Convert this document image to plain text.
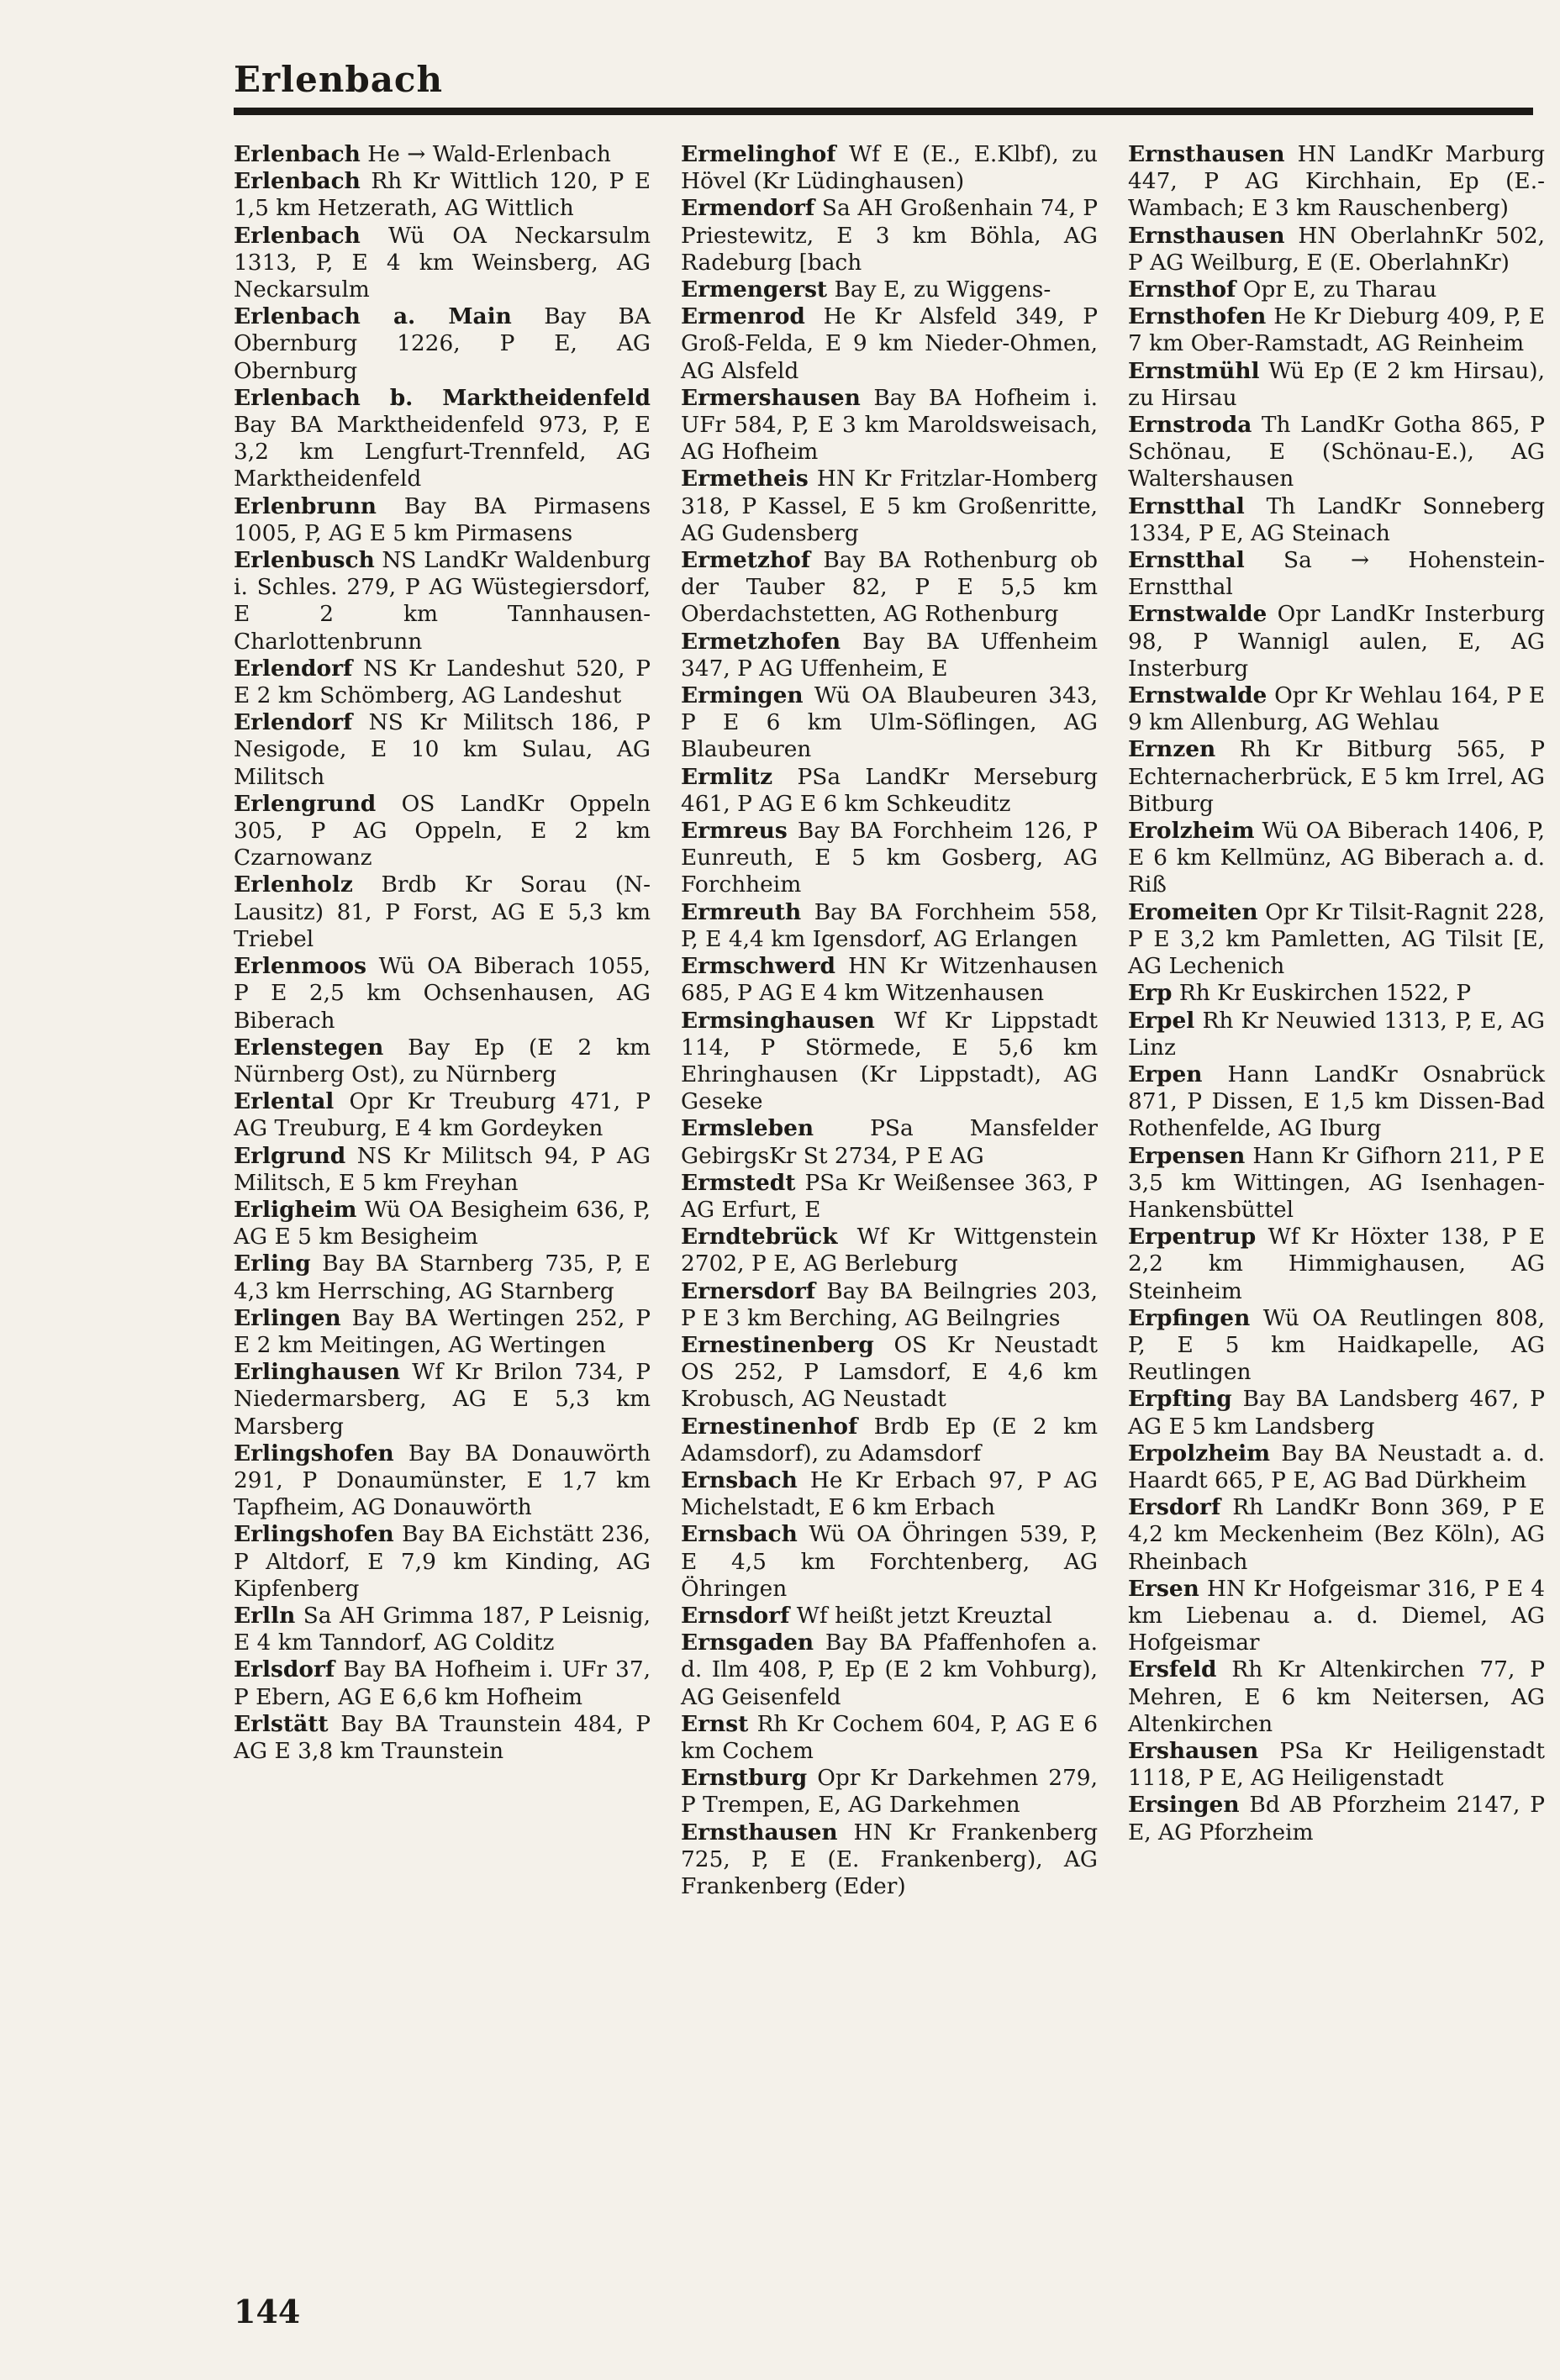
Erlenbach

Erlenbach He → Wald-Erlenbach

Erlenbach Rh Kr Wittlich 120, P E 1,5 km Hetzerath, AG Wittlich

Erlenbach Wü OA Neckarsulm 1313, P, E 4 km Weinsberg, AG Neckarsulm

Erlenbach a. Main Bay BA Obernburg 1226, P E, AG Obernburg

Erlenbach b. Marktheidenfeld Bay BA Marktheidenfeld 973, P, E 3,2 km Lengfurt-Trennfeld, AG Marktheidenfeld

Erlenbrunn Bay BA Pirmasens 1005, P, AG E 5 km Pirmasens

Erlenbusch NS LandKr Waldenburg i. Schles. 279, P AG Wüstegiersdorf, E 2 km Tannhausen-Charlottenbrunn

Erlendorf NS Kr Landeshut 520, P E 2 km Schömberg, AG Landeshut

Erlendorf NS Kr Militsch 186, P Nesigode, E 10 km Sulau, AG Militsch

Erlengrund OS LandKr Oppeln 305, P AG Oppeln, E 2 km Czarnowanz

Erlenholz Brdb Kr Sorau (N-Lausitz) 81, P Forst, AG E 5,3 km Triebel

Erlenmoos Wü OA Biberach 1055, P E 2,5 km Ochsenhausen, AG Biberach

Erlenstegen Bay Ep (E 2 km Nürnberg Ost), zu Nürnberg

Erlental Opr Kr Treuburg 471, P AG Treuburg, E 4 km Gordeyken

Erlgrund NS Kr Militsch 94, P AG Militsch, E 5 km Freyhan

Erligheim Wü OA Besigheim 636, P, AG E 5 km Besigheim

Erling Bay BA Starnberg 735, P, E 4,3 km Herrsching, AG Starnberg

Erlingen Bay BA Wertingen 252, P E 2 km Meitingen, AG Wertingen

Erlinghausen Wf Kr Brilon 734, P Niedermarsberg, AG E 5,3 km Marsberg

Erlingshofen Bay BA Donauwörth 291, P Donaumünster, E 1,7 km Tapfheim, AG Donauwörth

Erlingshofen Bay BA Eichstätt 236, P Altdorf, E 7,9 km Kinding, AG Kipfenberg

Erlln Sa AH Grimma 187, P Leisnig, E 4 km Tanndorf, AG Colditz

Erlsdorf Bay BA Hofheim i. UFr 37, P Ebern, AG E 6,6 km Hofheim

Erlstätt Bay BA Traunstein 484, P AG E 3,8 km Traunstein

Ermelinghof Wf E (E., E.Klbf), zu Hövel (Kr Lüdinghausen)

Ermendorf Sa AH Großenhain 74, P Priestewitz, E 3 km Böhla, AG Radeburg [bach

Ermengerst Bay E, zu Wiggens-

Ermenrod He Kr Alsfeld 349, P Groß-Felda, E 9 km Nieder-Ohmen, AG Alsfeld

Ermershausen Bay BA Hofheim i. UFr 584, P, E 3 km Maroldsweisach, AG Hofheim

Ermetheis HN Kr Fritzlar-Homberg 318, P Kassel, E 5 km Großenritte, AG Gudensberg

Ermetzhof Bay BA Rothenburg ob der Tauber 82, P E 5,5 km Oberdachstetten, AG Rothenburg

Ermetzhofen Bay BA Uffenheim 347, P AG Uffenheim, E

Ermingen Wü OA Blaubeuren 343, P E 6 km Ulm-Söflingen, AG Blaubeuren

Ermlitz PSa LandKr Merseburg 461, P AG E 6 km Schkeuditz

Ermreus Bay BA Forchheim 126, P Eunreuth, E 5 km Gosberg, AG Forchheim

Ermreuth Bay BA Forchheim 558, P, E 4,4 km Igensdorf, AG Erlangen

Ermschwerd HN Kr Witzenhausen 685, P AG E 4 km Witzenhausen

Ermsinghausen Wf Kr Lippstadt 114, P Störmede, E 5,6 km Ehringhausen (Kr Lippstadt), AG Geseke

Ermsleben	PSa Mansfelder GebirgsKr St 2734, P E AG

Ermstedt PSa Kr Weißensee 363, P AG Erfurt, E

Erndtebrück Wf Kr Wittgenstein 2702, P E, AG Berleburg

Ernersdorf Bay BA Beilngries 203, P E 3 km Berching, AG Beilngries

Ernestinenberg OS Kr Neustadt OS 252, P Lamsdorf, E 4,6 km Krobusch, AG Neustadt

Ernestinenhof Brdb Ep (E 2 km Adamsdorf), zu Adamsdorf

Ernsbach He Kr Erbach 97, P AG Michelstadt, E 6 km Erbach

Ernsbach Wü OA Öhringen 539, P, E 4,5 km Forchtenberg, AG Öhringen

Ernsdorf Wf heißt jetzt Kreuztal

Ernsgaden Bay BA Pfaffenhofen a. d. Ilm 408, P, Ep (E 2 km Vohburg), AG Geisenfeld

Ernst Rh Kr Cochem 604, P, AG E 6 km Cochem

Ernstburg Opr Kr Darkehmen 279, P Trempen, E, AG Darkehmen

Ernsthausen HN Kr Frankenberg 725, P, E (E. Frankenberg), AG Frankenberg (Eder)

Ernsthausen HN LandKr Marburg 447, P AG Kirchhain, Ep (E.-Wambach; E 3 km Rauschenberg)

Ernsthausen HN OberlahnKr 502, P AG Weilburg, E (E. OberlahnKr)

Ernsthof Opr E, zu Tharau

Ernsthofen He Kr Dieburg 409, P, E 7 km Ober-Ramstadt, AG Reinheim

Ernstmühl Wü Ep (E 2 km Hirsau), zu Hirsau

Ernstroda Th LandKr Gotha 865, P Schönau, E (Schönau-E.), AG Waltershausen

Ernstthal Th LandKr Sonneberg 1334, P E, AG Steinach

Ernstthal Sa → Hohenstein-Ernstthal

Ernstwalde Opr LandKr Insterburg 98, P Wannigl aulen, E, AG Insterburg

Ernstwalde Opr Kr Wehlau 164, P E 9 km Allenburg, AG Wehlau

Ernzen Rh Kr Bitburg 565, P Echternacherbrück, E 5 km Irrel, AG Bitburg

Erolzheim Wü OA Biberach 1406, P, E 6 km Kellmünz, AG Biberach a. d. Riß

Eromeiten Opr Kr Tilsit-Ragnit 228, P E 3,2 km Pamletten, AG Tilsit [E, AG Lechenich

Erp Rh Kr Euskirchen 1522, P

Erpel Rh Kr Neuwied 1313, P, E, AG Linz

Erpen Hann LandKr Osnabrück 871, P Dissen, E 1,5 km Dissen-Bad Rothenfelde, AG Iburg

Erpensen Hann Kr Gifhorn 211, P E 3,5 km Wittingen, AG Isenhagen-Hankensbüttel

Erpentrup Wf Kr Höxter 138, P E 2,2 km Himmighausen, AG Steinheim

Erpfingen Wü OA Reutlingen 808, P, E 5 km Haidkapelle, AG Reutlingen

Erpfting Bay BA Landsberg 467, P AG E 5 km Landsberg

Erpolzheim Bay BA Neustadt a. d. Haardt 665, P E, AG Bad Dürkheim

Ersdorf Rh LandKr Bonn 369, P E 4,2 km Meckenheim (Bez Köln), AG Rheinbach

Ersen HN Kr Hofgeismar 316, P E 4 km Liebenau a. d. Diemel, AG Hofgeismar

Ersfeld Rh Kr Altenkirchen 77, P Mehren, E 6 km Neitersen, AG Altenkirchen

Ershausen PSa Kr Heiligenstadt 1118, P E, AG Heiligenstadt

Ersingen Bd AB Pforzheim 2147, P E, AG Pforzheim

144
